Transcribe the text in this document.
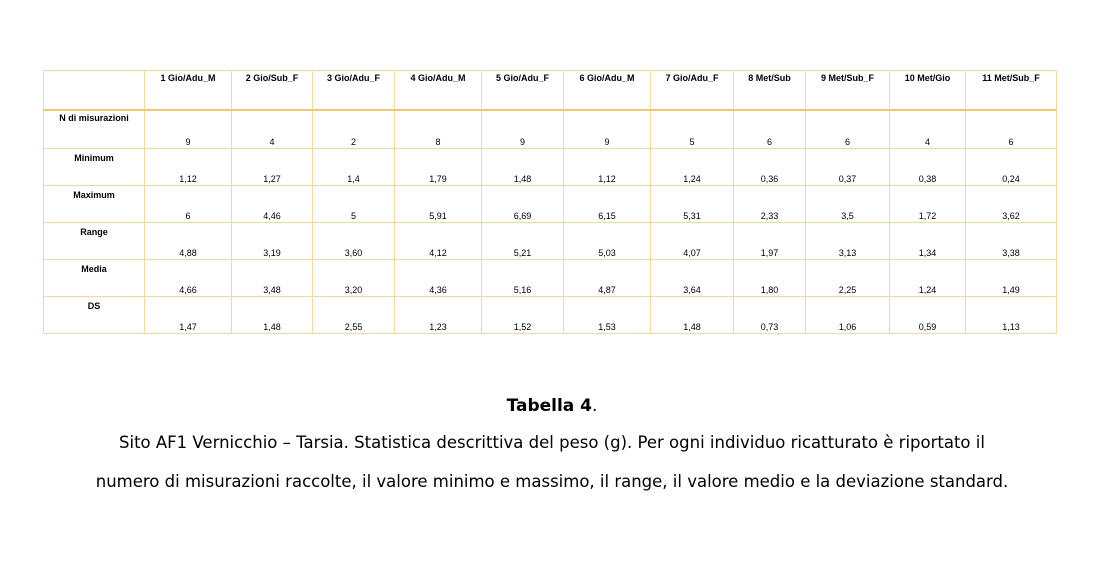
	1 Gio/Adu_M	2 Gio/Sub_F	3 Gio/Adu_F	4 Gio/Adu_M	5 Gio/Adu_F	6 Gio/Adu_M	7 Gio/Adu_F	8 Met/Sub	9 Met/Sub_F	10 Met/Gio	11 Met/Sub_F
N di misurazioni	9	4	2	8	9	9	5	6	6	4	6
Minimum	1,12	1,27	1,4	1,79	1,48	1,12	1,24	0,36	0,37	0,38	0,24
Maximum	6	4,46	5	5,91	6,69	6,15	5,31	2,33	3,5	1,72	3,62
Range	4,88	3,19	3,60	4,12	5,21	5,03	4,07	1,97	3,13	1,34	3,38
Media	4,66	3,48	3,20	4,36	5,16	4,87	3,64	1,80	2,25	1,24	1,49
DS	1,47	1,48	2,55	1,23	1,52	1,53	1,48	0,73	1,06	0,59	1,13
Tabella 4.
Sito AF1 Vernicchio – Tarsia. Statistica descrittiva del peso (g). Per ogni individuo ricatturato è riportato il
numero di misurazioni raccolte, il valore minimo e massimo, il range, il valore medio e la deviazione standard.
